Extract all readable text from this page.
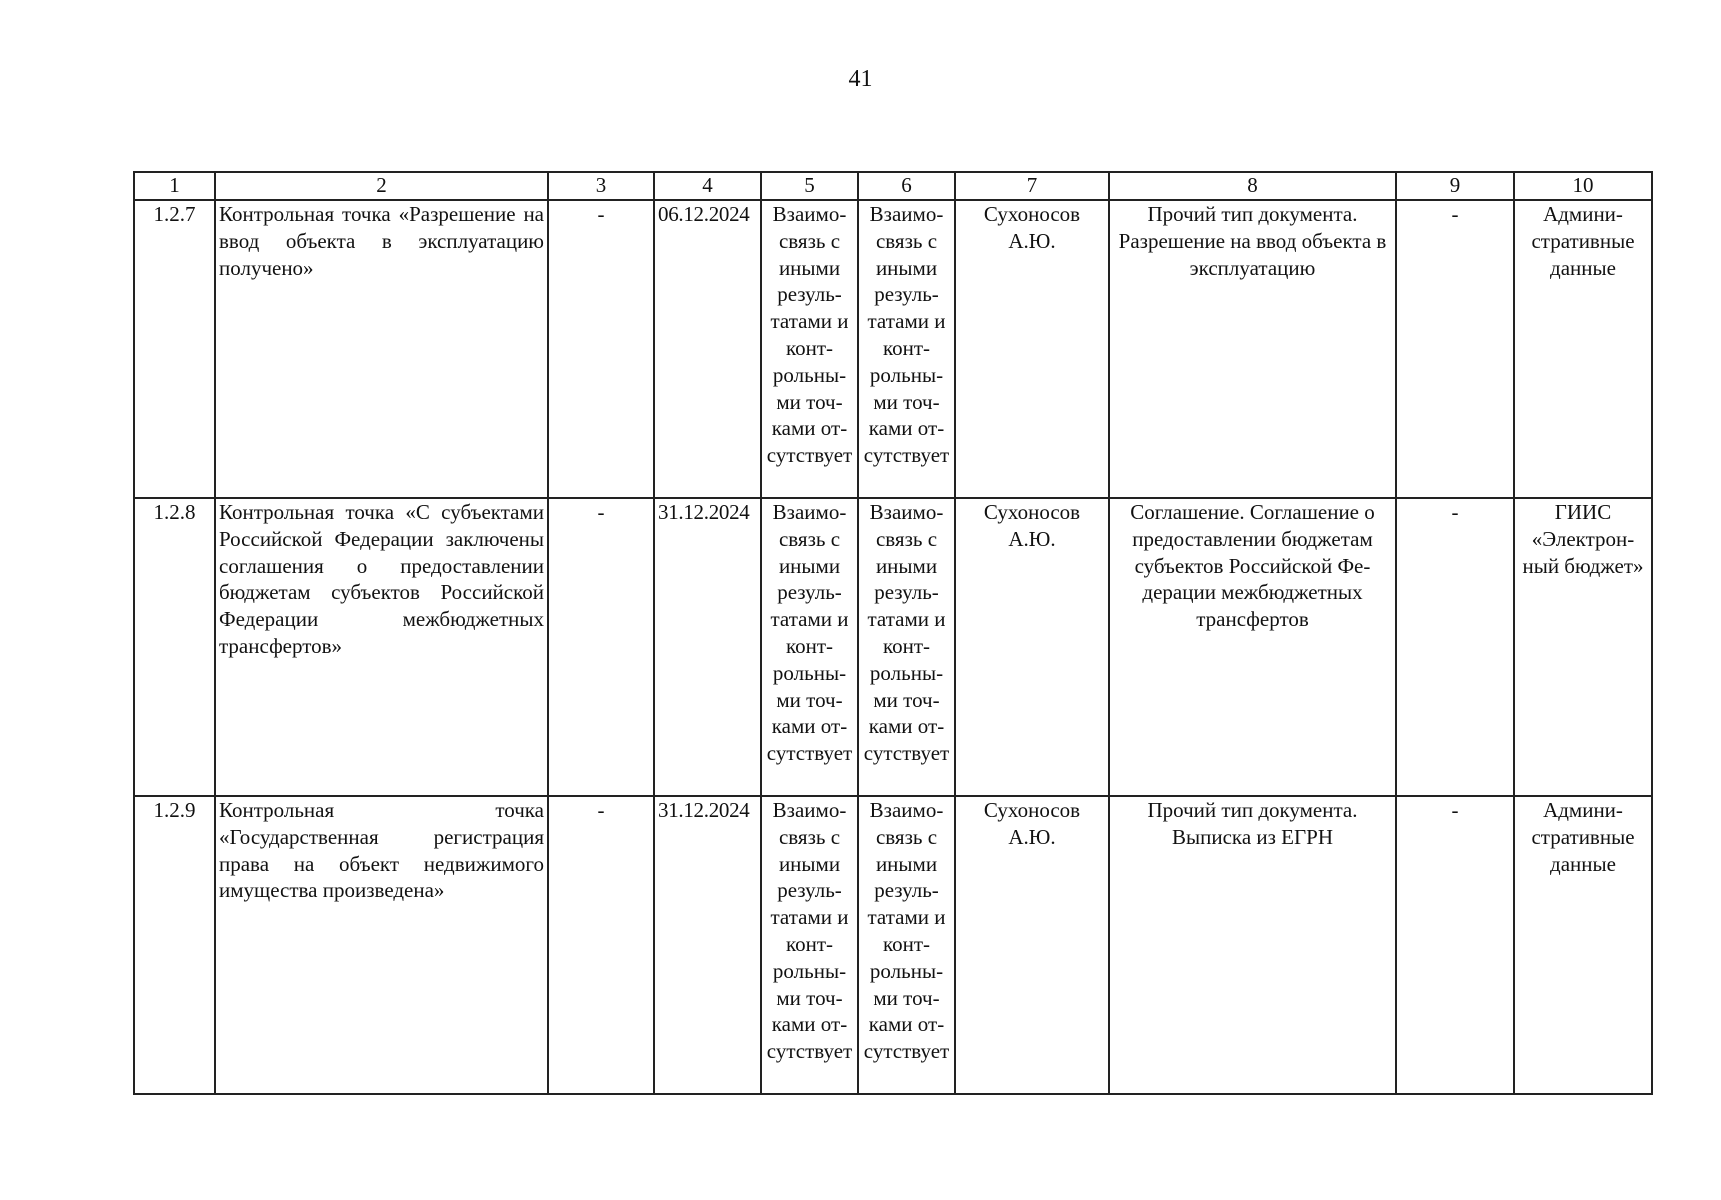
41
1	2	3	4	5	6	7	8	9	10
1.2.7	Контрольная точка «Разрешение на ввод объекта в эксплуатацию получено»	-	06.12.2024	Взаимосвязь с иными результатами и контрольными точками отсутствует	Взаимосвязь с иными результатами и контрольными точками отсутствует	Сухоносов А.Ю.	Прочий тип документа. Разрешение на ввод объекта в эксплуатацию	-	Административные данные
1.2.8	Контрольная точка «С субъектами Российской Федерации заключены соглашения о предоставлении бюджетам субъектов Российской Федерации межбюджетных трансфертов»	-	31.12.2024	Взаимосвязь с иными результатами и контрольными точками отсутствует	Взаимосвязь с иными результатами и контрольными точками отсутствует	Сухоносов А.Ю.	Соглашение. Соглашение о предоставлении бюджетам субъектов Российской Федерации межбюджетных трансфертов	-	ГИИС «Электронный бюджет»
1.2.9	Контрольная точка «Государственная регистрация права на объект недвижимого имущества произведена»	-	31.12.2024	Взаимосвязь с иными результатами и контрольными точками отсутствует	Взаимосвязь с иными результатами и контрольными точками отсутствует	Сухоносов А.Ю.	Прочий тип документа. Выписка из ЕГРН	-	Административные данные
